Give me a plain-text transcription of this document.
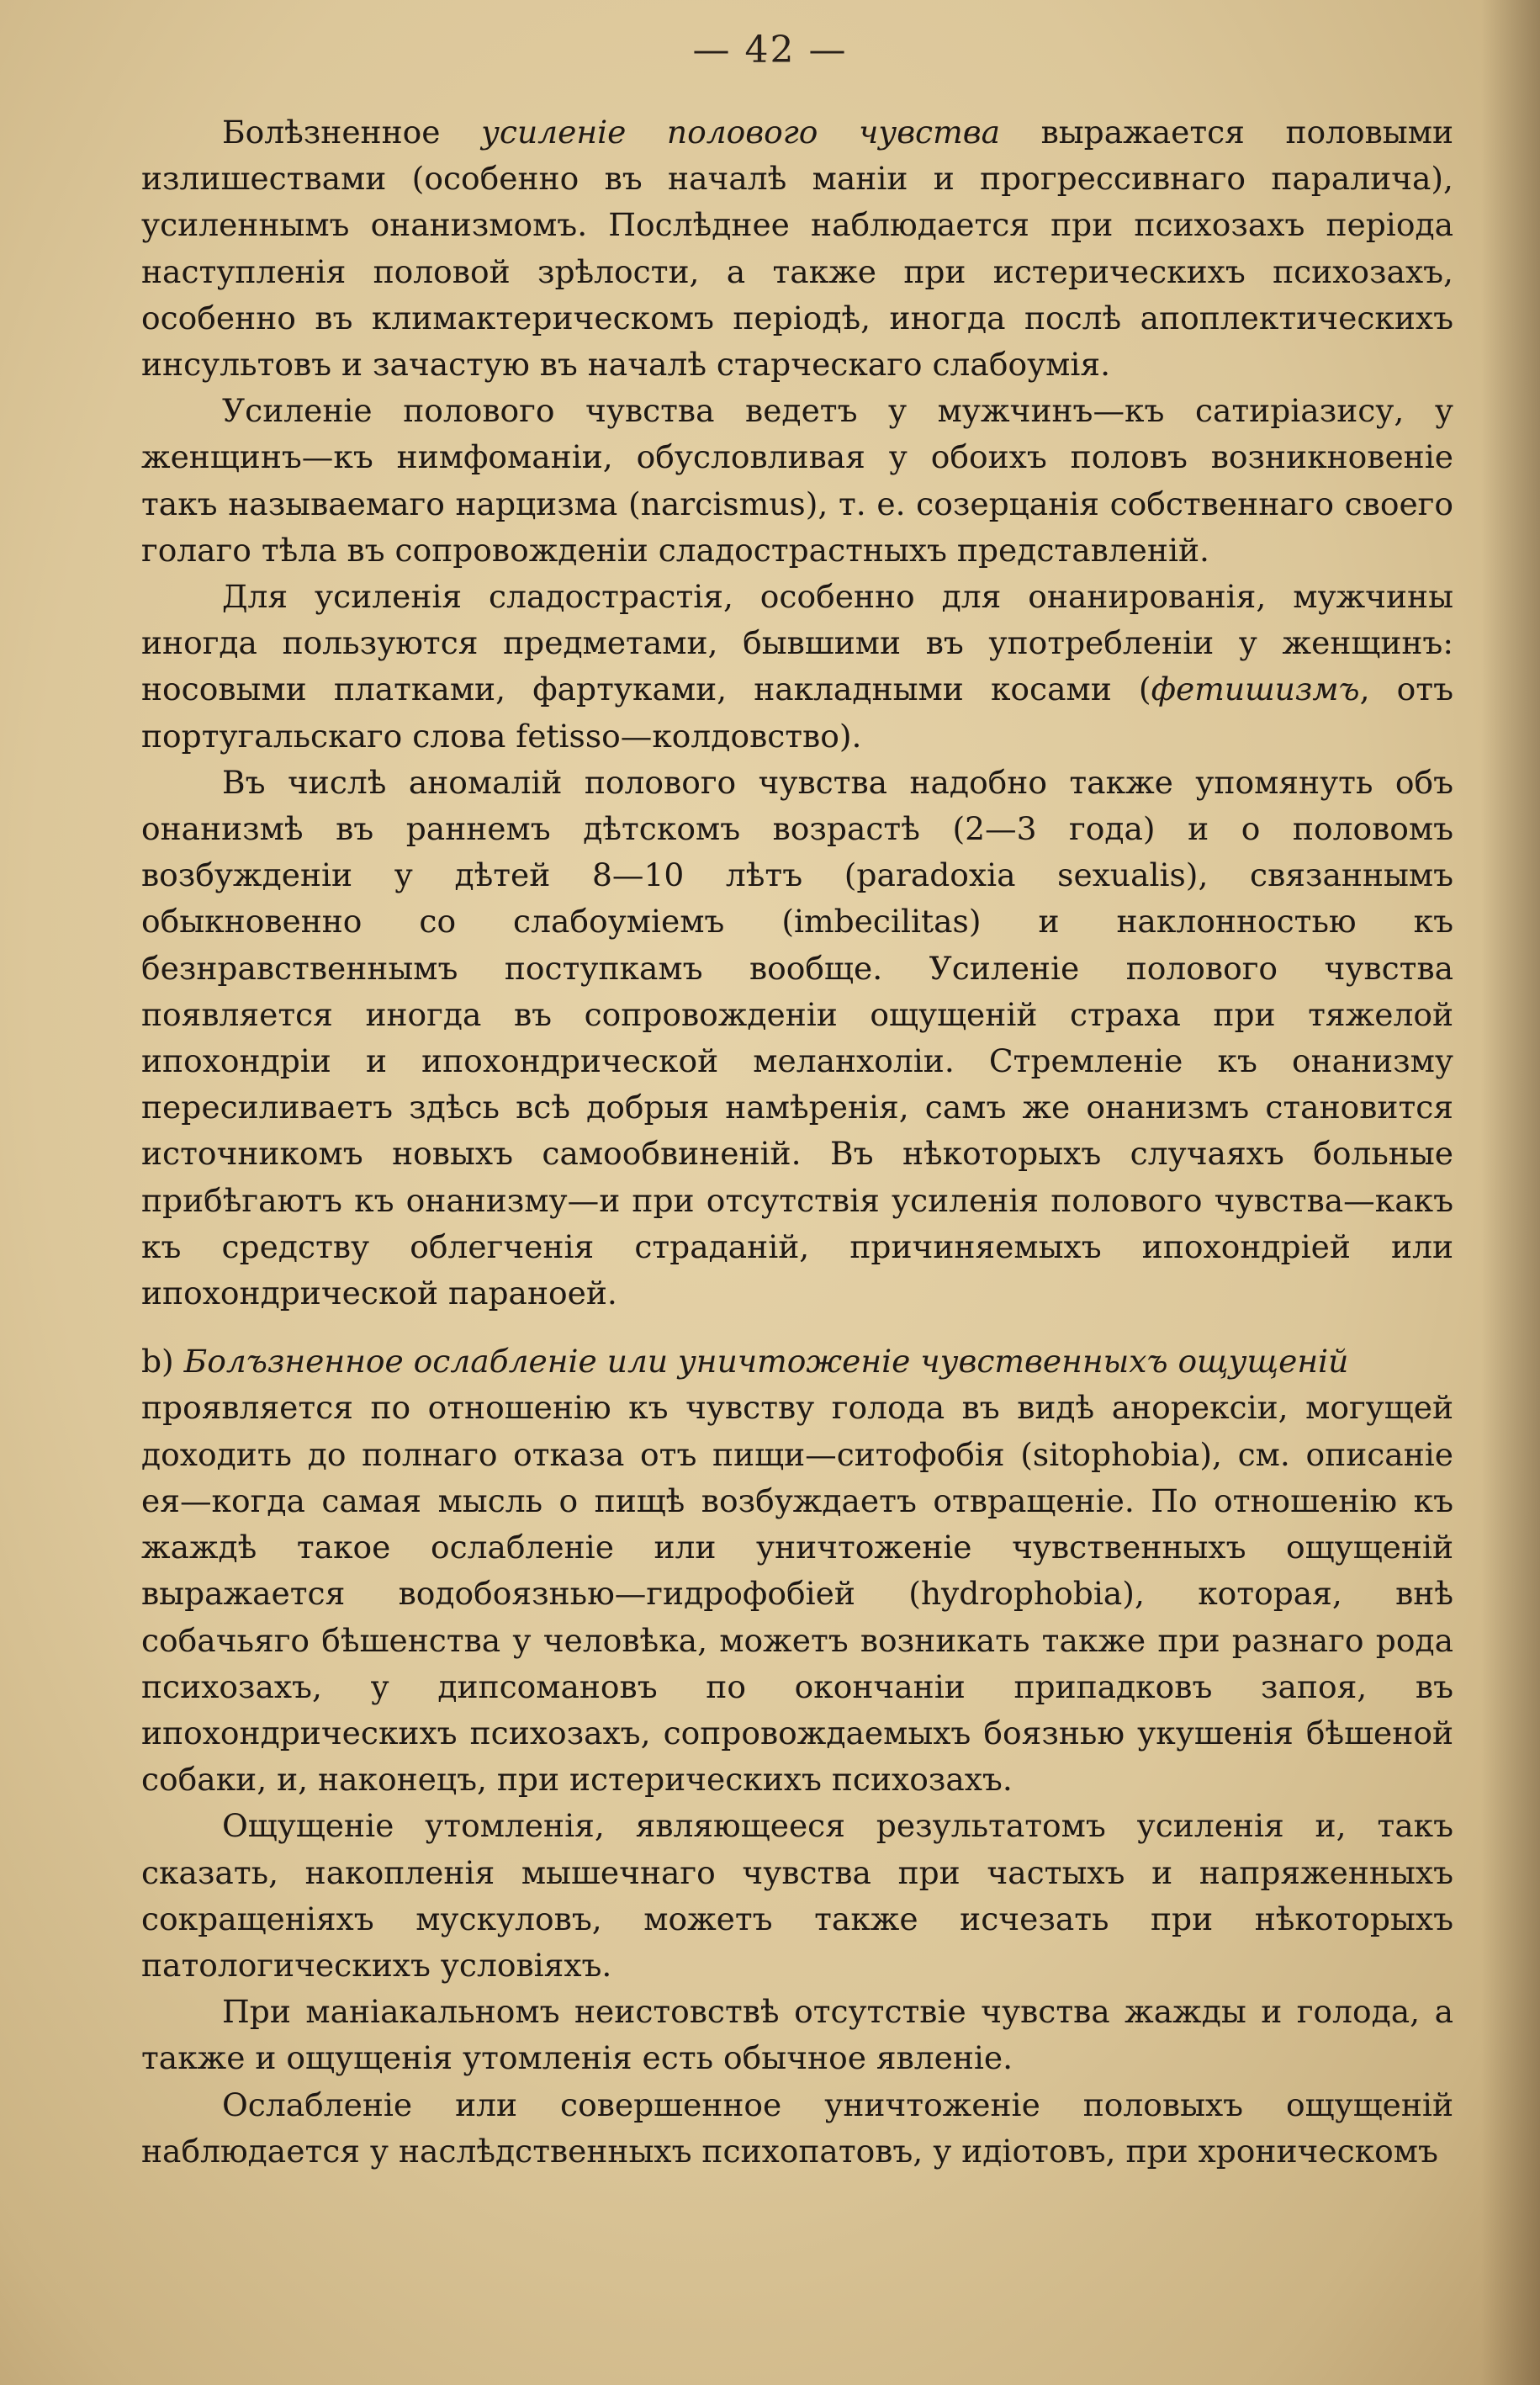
— 42 —

Болѣзненное усиленіе полового чувства выражается половыми излишествами (особенно въ началѣ маніи и прогрессивнаго паралича), усиленнымъ онанизмомъ. Послѣднее наблюдается при психозахъ періода наступленія половой зрѣлости, а также при истерическихъ психозахъ, особенно въ климактерическомъ періодѣ, иногда послѣ апоплектическихъ инсультовъ и зачастую въ началѣ старческаго слабоумія.

Усиленіе полового чувства ведетъ у мужчинъ—къ сатиріазису, у женщинъ—къ нимфоманіи, обусловливая у обоихъ половъ возникновеніе такъ называемаго нарцизма (narcismus), т. е. созерцанія собственнаго своего голаго тѣла въ сопровожденіи сладострастныхъ представленій.

Для усиленія сладострастія, особенно для онанированія, мужчины иногда пользуются предметами, бывшими въ употребленіи у женщинъ: носовыми платками, фартуками, накладными косами (фетишизмъ, отъ португальскаго слова fetisso—колдовство).

Въ числѣ аномалій полового чувства надобно также упомянуть объ онанизмѣ въ раннемъ дѣтскомъ возрастѣ (2—3 года) и о половомъ возбужденіи у дѣтей 8—10 лѣтъ (paradoxia sexualis), связаннымъ обыкновенно со слабоуміемъ (imbecilitas) и наклонностью къ безнравственнымъ поступкамъ вообще. Усиленіе полового чувства появляется иногда въ сопровожденіи ощущеній страха при тяжелой ипохондріи и ипохондрической меланхоліи. Стремленіе къ онанизму пересиливаетъ здѣсь всѣ добрыя намѣренія, самъ же онанизмъ становится источникомъ новыхъ самообвиненій. Въ нѣкоторыхъ случаяхъ больные прибѣгаютъ къ онанизму—и при отсутствія усиленія полового чувства—какъ къ средству облегченія страданій, причиняемыхъ ипохондріей или ипохондрической параноей.

b) Болъзненное ослабленіе или уничтоженіе чувственныхъ ощущеній

проявляется по отношенію къ чувству голода въ видѣ анорексіи, могущей доходить до полнаго отказа отъ пищи—ситофобія (sitophobia), см. описаніе ея—когда самая мысль о пищѣ возбуждаетъ отвращеніе. По отношенію къ жаждѣ такое ослабленіе или уничтоженіе чувственныхъ ощущеній выражается водобоязнью—гидрофобіей (hydrophobia), которая, внѣ собачьяго бѣшенства у человѣка, можетъ возникать также при разнаго рода психозахъ, у дипсомановъ по окончаніи припадковъ запоя, въ ипохондрическихъ психозахъ, сопровождаемыхъ боязнью укушенія бѣшеной собаки, и, наконецъ, при истерическихъ психозахъ.

Ощущеніе утомленія, являющееся результатомъ усиленія и, такъ сказать, накопленія мышечнаго чувства при частыхъ и напряженныхъ сокращеніяхъ мускуловъ, можетъ также исчезать при нѣкоторыхъ патологическихъ условіяхъ.

При маніакальномъ неистовствѣ отсутствіе чувства жажды и голода, а также и ощущенія утомленія есть обычное явленіе.

Ослабленіе или совершенное уничтоженіе половыхъ ощущеній наблюдается у наслѣдственныхъ психопатовъ, у идіотовъ, при хроническомъ
